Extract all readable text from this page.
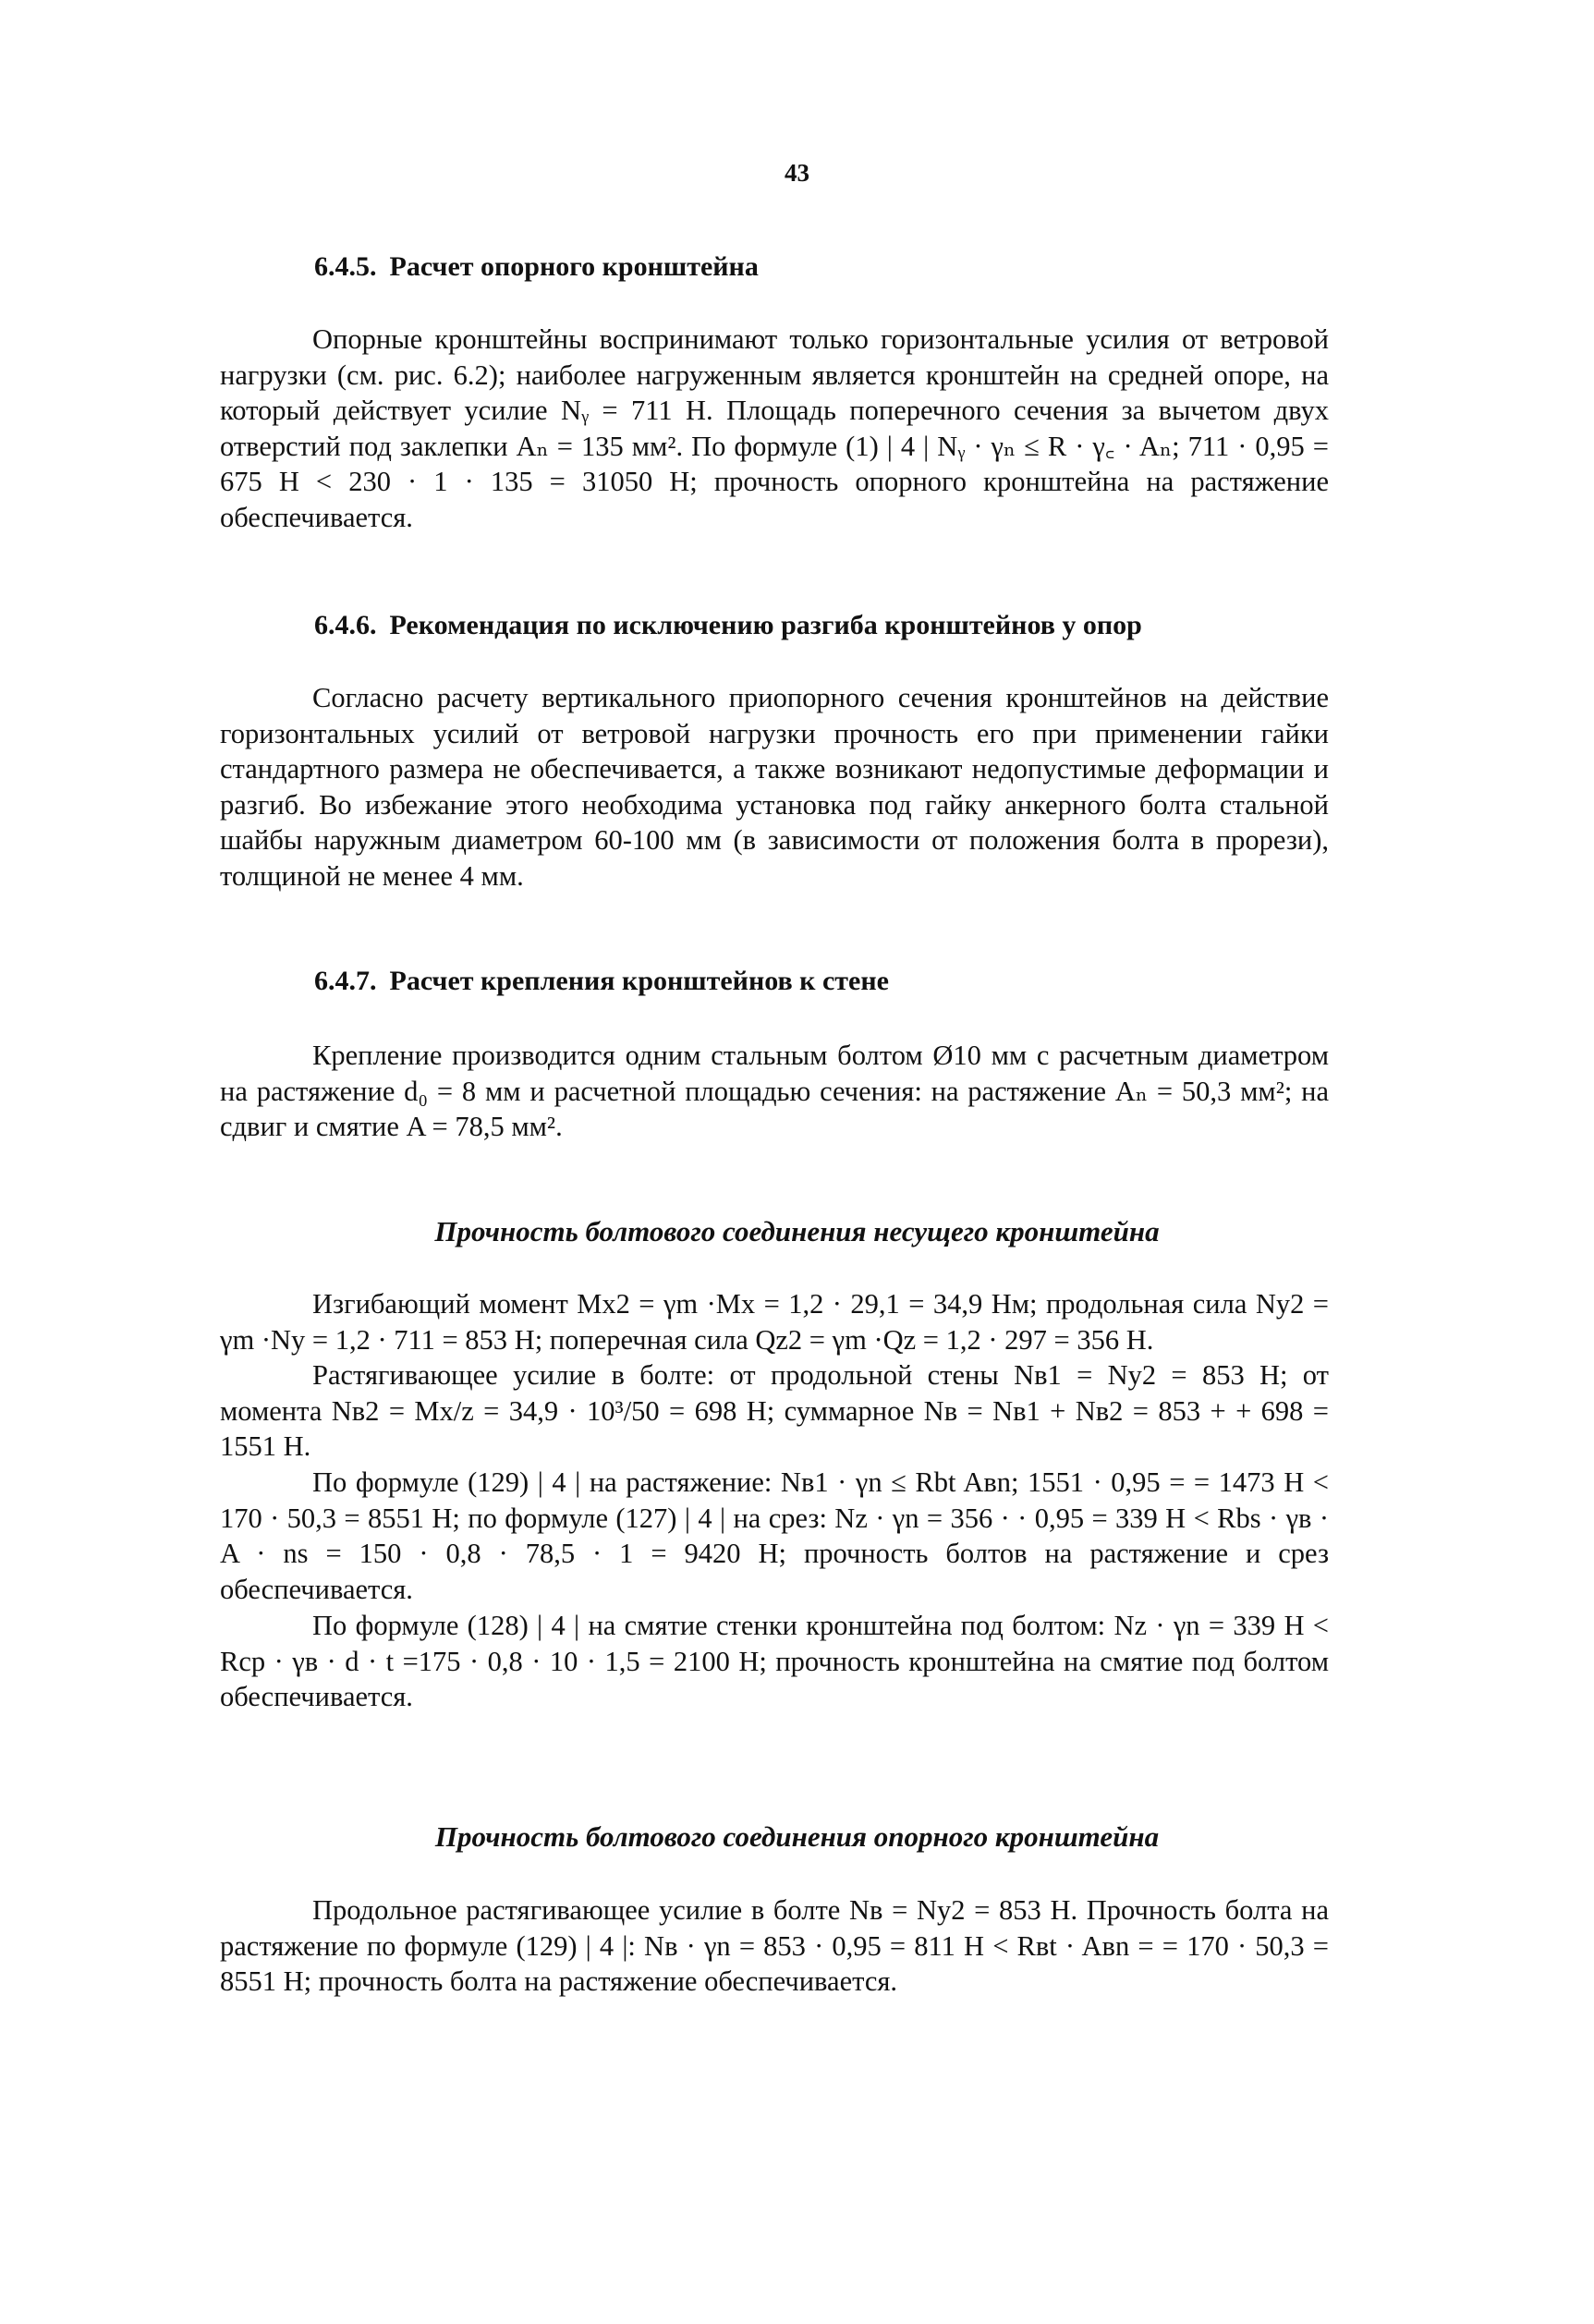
43
6.4.5. Расчет опорного кронштейна
Опорные кронштейны воспринимают только горизонтальные усилия от ветровой нагрузки (см. рис. 6.2); наиболее нагруженным является кронштейн на средней опоре, на который действует усилие Nᵧ = 711 Н. Площадь поперечного сечения за вычетом двух отверстий под заклепки Aₙ = 135 мм². По формуле (1) | 4 | Nᵧ · γₙ ≤ R · γ꜀ · Aₙ; 711 · 0,95 = 675 Н < 230 · 1 · 135 = 31050 Н; прочность опорного кронштейна на растяжение обеспечивается.
6.4.6. Рекомендация по исключению разгиба кронштейнов у опор
Согласно расчету вертикального приопорного сечения кронштейнов на действие горизонтальных усилий от ветровой нагрузки прочность его при применении гайки стандартного размера не обеспечивается, а также возникают недопустимые деформации и разгиб. Во избежание этого необходима установка под гайку анкерного болта стальной шайбы наружным диаметром 60-100 мм (в зависимости от положения болта в прорези), толщиной не менее 4 мм.
6.4.7. Расчет крепления кронштейнов к стене
Крепление производится одним стальным болтом Ø10 мм с расчетным диаметром на растяжение d₀ = 8 мм и расчетной площадью сечения: на растяжение Aₙ = 50,3 мм²; на сдвиг и смятие A = 78,5 мм².
Прочность болтового соединения несущего кронштейна
Изгибающий момент Mx2 = γm ·Mx = 1,2 · 29,1 = 34,9 Нм; продольная сила Ny2 = γm ·Ny = 1,2 · 711 = 853 Н; поперечная сила Qz2 = γm ·Qz = 1,2 · 297 = 356 Н.
Растягивающее усилие в болте: от продольной стены Nв1 = Ny2 = 853 Н; от момента Nв2 = Mx/z = 34,9 · 10³/50 = 698 Н; суммарное Nв = Nв1 + Nв2 = 853 + + 698 = 1551 Н.
По формуле (129) | 4 | на растяжение: Nв1 · γn ≤ Rbt Aвn; 1551 · 0,95 = = 1473 Н < 170 · 50,3 = 8551 Н; по формуле (127) | 4 | на срез: Nz · γn = 356 · · 0,95 = 339 Н < Rbs · γв · A · ns = 150 · 0,8 · 78,5 · 1 = 9420 Н; прочность болтов на растяжение и срез обеспечивается.
По формуле (128) | 4 | на смятие стенки кронштейна под болтом: Nz · γn = 339 Н < Rср · γв · d · t =175 · 0,8 · 10 · 1,5 = 2100 Н; прочность кронштейна на смятие под болтом обеспечивается.
Прочность болтового соединения опорного кронштейна
Продольное растягивающее усилие в болте Nв = Ny2 = 853 Н. Прочность болта на растяжение по формуле (129) | 4 |: Nв · γn = 853 · 0,95 = 811 Н < Rвt · Aвn = = 170 · 50,3 = 8551 Н; прочность болта на растяжение обеспечивается.
